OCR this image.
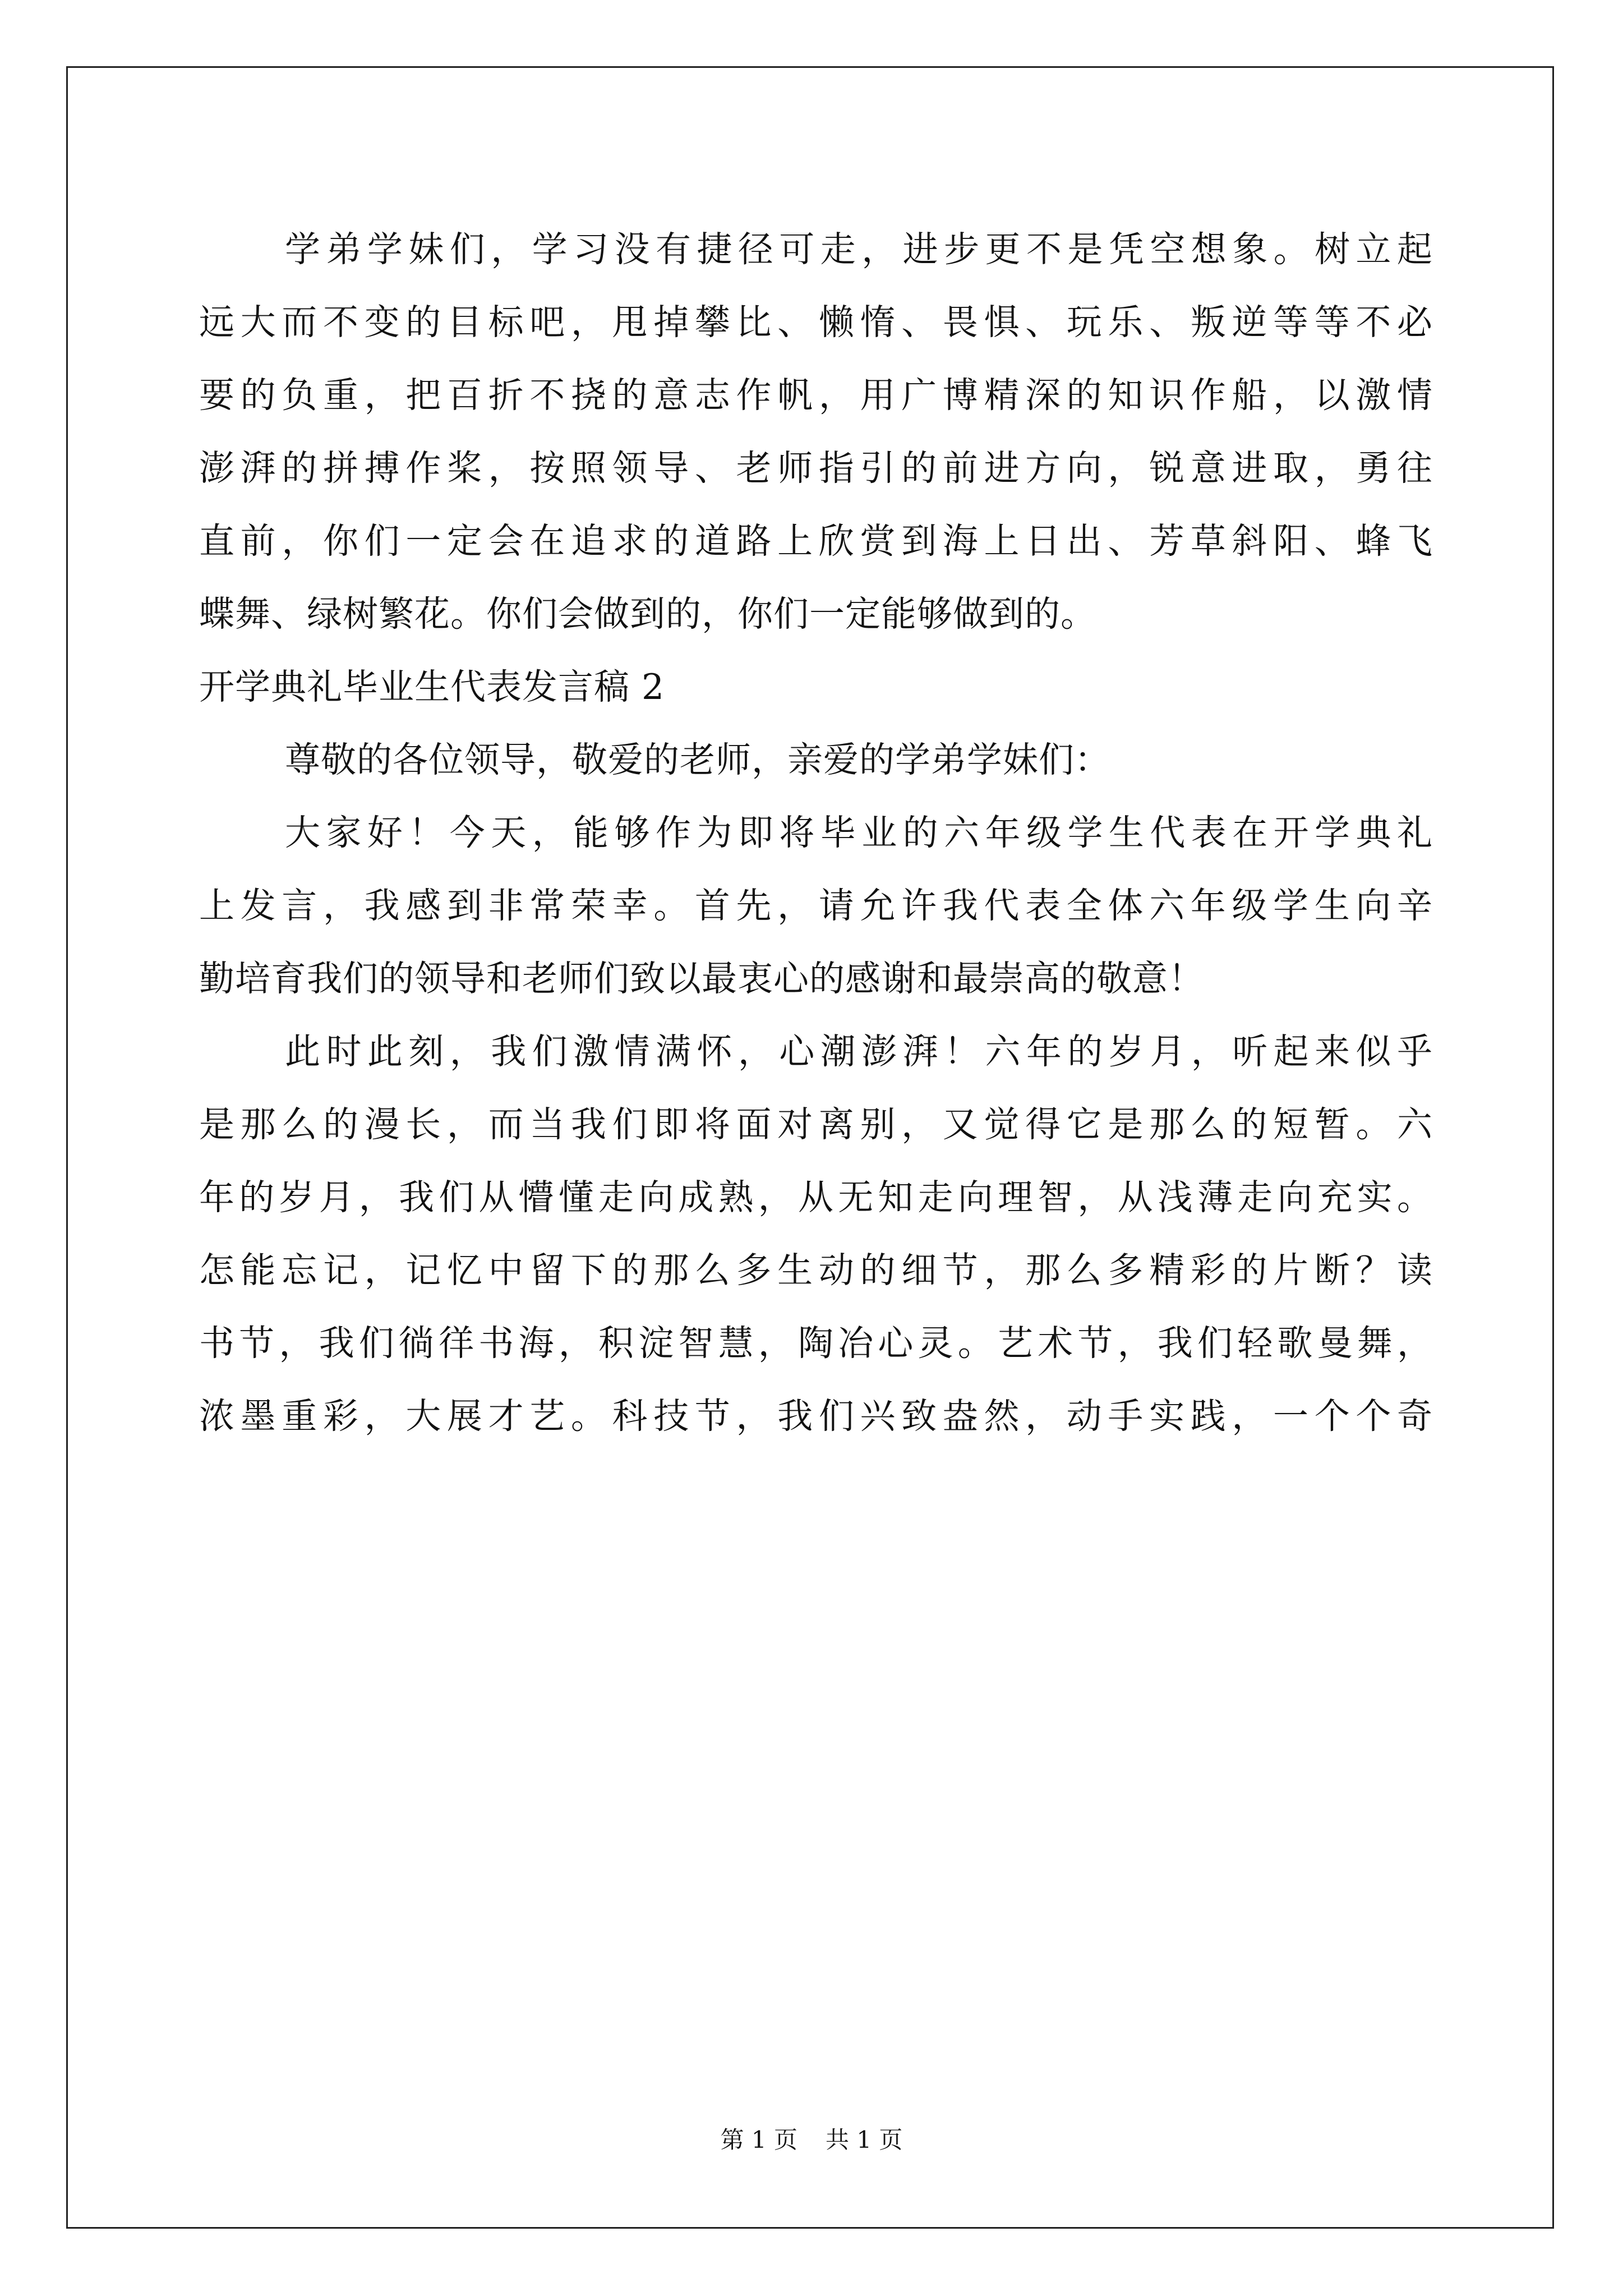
学弟学妹们，学习没有捷径可走，进步更不是凭空想象。树立起
远大而不变的目标吧，甩掉攀比、懒惰、畏惧、玩乐、叛逆等等不必
要的负重，把百折不挠的意志作帆，用广博精深的知识作船，以激情
澎湃的拼搏作桨，按照领导、老师指引的前进方向，锐意进取，勇往
直前，你们一定会在追求的道路上欣赏到海上日出、芳草斜阳、蜂飞
蝶舞、绿树繁花。你们会做到的，你们一定能够做到的。
开学典礼毕业生代表发言稿 2
尊敬的各位领导，敬爱的老师，亲爱的学弟学妹们：
大家好！今天，能够作为即将毕业的六年级学生代表在开学典礼
上发言，我感到非常荣幸。首先，请允许我代表全体六年级学生向辛
勤培育我们的领导和老师们致以最衷心的感谢和最崇高的敬意！
此时此刻，我们激情满怀，心潮澎湃！六年的岁月，听起来似乎
是那么的漫长，而当我们即将面对离别，又觉得它是那么的短暂。六
年的岁月，我们从懵懂走向成熟，从无知走向理智，从浅薄走向充实。
怎能忘记，记忆中留下的那么多生动的细节，那么多精彩的片断？读
书节，我们徜徉书海，积淀智慧，陶冶心灵。艺术节，我们轻歌曼舞，
浓墨重彩，大展才艺。科技节，我们兴致盎然，动手实践，一个个奇
第 1 页 共 1 页
